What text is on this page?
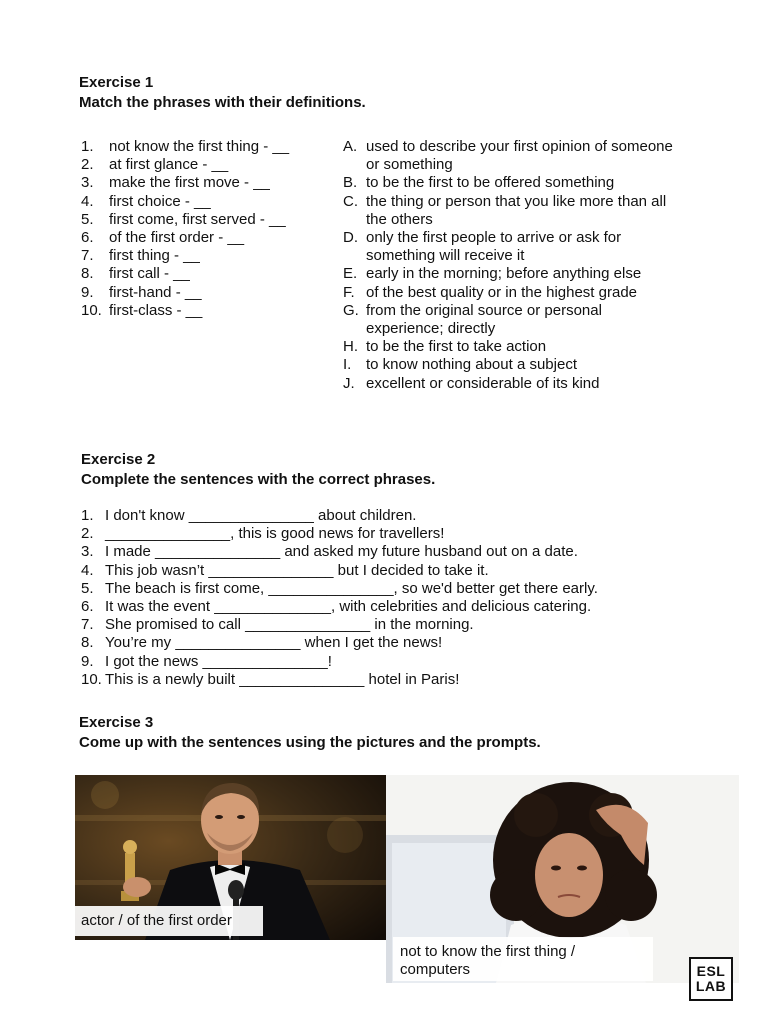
Exercise 1
Match the phrases with their definitions.
1. not know the first thing - __
2. at first glance - __
3. make the first move - __
4. first choice - __
5. first come, first served - __
6. of the first order - __
7. first thing - __
8. first call - __
9. first-hand - __
10. first-class - __
A. used to describe your first opinion of someone or something
B. to be the first to be offered something
C. the thing or person that you like more than all the others
D. only the first people to arrive or ask for something will receive it
E. early in the morning; before anything else
F. of the best quality or in the highest grade
G. from the original source or personal experience; directly
H. to be the first to take action
I. to know nothing about a subject
J. excellent or considerable of its kind
Exercise 2
Complete the sentences with the correct phrases.
1. I don't know _______________ about children.
2. _______________, this is good news for travellers!
3. I made _______________ and asked my future husband out on a date.
4. This job wasn’t _______________ but I decided to take it.
5. The beach is first come, _______________, so we'd better get there early.
6. It was the event ______________, with celebrities and delicious catering.
7. She promised to call _______________ in the morning.
8. You’re my _______________ when I get the news!
9. I got the news _______________!
10. This is a newly built _______________ hotel in Paris!
Exercise 3
Come up with the sentences using the pictures and the prompts.
actor / of the first order
not to know the first thing / computers	ESL
LAB
